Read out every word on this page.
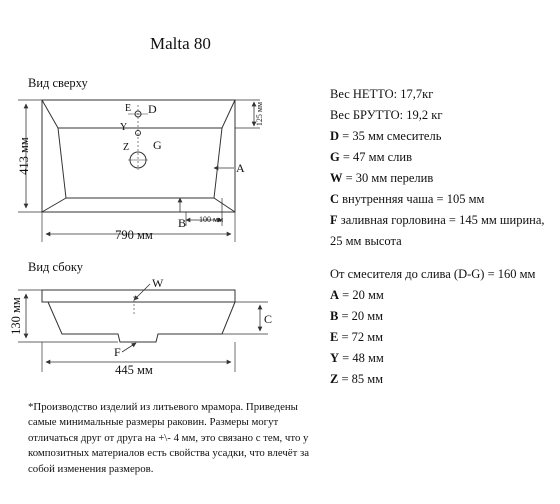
Malta 80
Вид сверху
Вид сбоку
413 мм
790 мм
125 мм
100 мм
E D
Y
Z G
A
B
130 мм
445 мм
W
C
F
Вес НЕТТО: 17,7кг
Вес БРУТТО: 19,2 кг
D = 35 мм смеситель
G = 47 мм слив
W = 30 мм перелив
C внутренняя чаша = 105 мм
F заливная горловина = 145 мм ширина,
25 мм высота
От смесителя до слива (D-G) = 160 мм
A = 20 мм
B = 20 мм
E = 72 мм
Y = 48 мм
Z = 85 мм
*Производство изделий из литьевого мрамора. Приведены самые минимальные размеры раковин. Размеры могут отличаться друг от друга на +\- 4 мм, это связано с тем, что у композитных материалов есть свойства усадки, что влечёт за собой изменения размеров.
